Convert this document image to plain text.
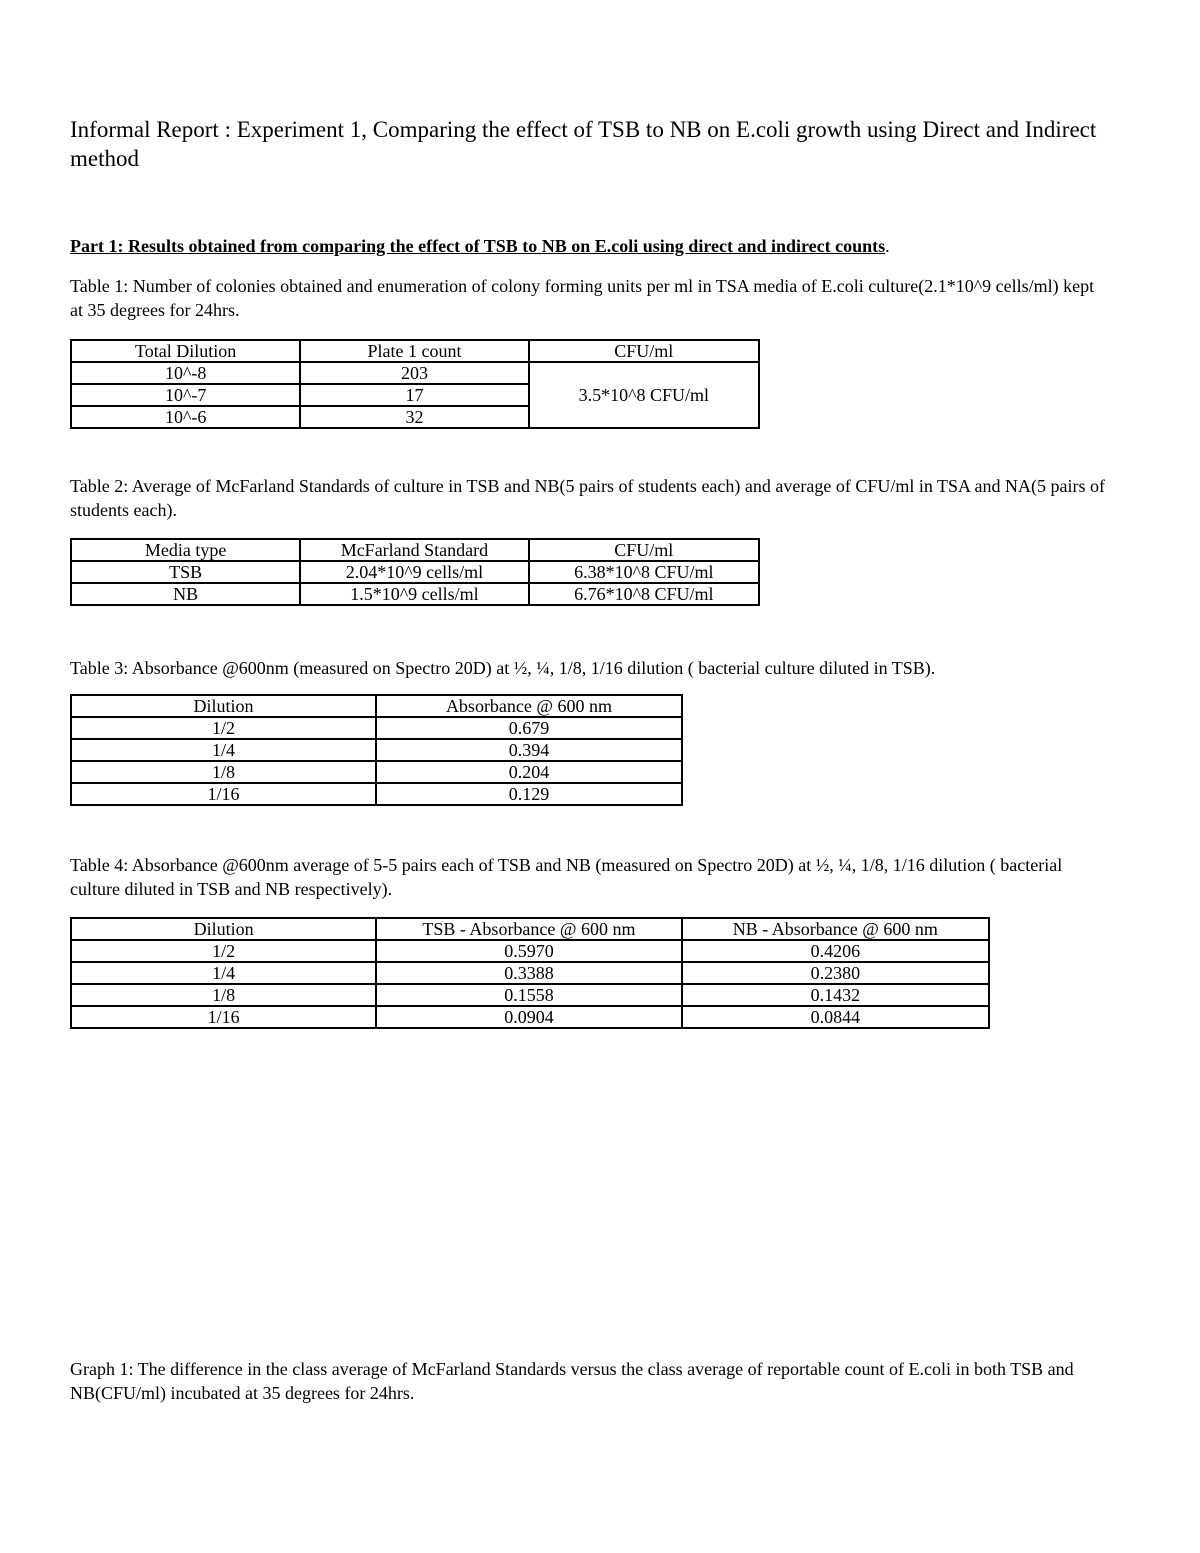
Informal Report : Experiment 1, Comparing the effect of TSB to NB on E.coli growth using Direct and Indirect method
Part 1: Results obtained from comparing the effect of TSB to NB on E.coli using direct and indirect counts.
Table 1: Number of colonies obtained and enumeration of colony forming units per ml in TSA media of E.coli culture(2.1*10^9 cells/ml) kept at 35 degrees for 24hrs.
Total Dilution	Plate 1 count	CFU/ml
10^-8	203	3.5*10^8 CFU/ml
10^-7	17	
10^-6	32	
Table 2: Average of McFarland Standards of culture in TSB and NB(5 pairs of students each) and average of CFU/ml in TSA and NA(5 pairs of students each).
Media type	McFarland Standard	CFU/ml
TSB	2.04*10^9 cells/ml	6.38*10^8 CFU/ml
NB	1.5*10^9 cells/ml	6.76*10^8 CFU/ml
Table 3: Absorbance @600nm (measured on Spectro 20D) at ½, ¼, 1/8, 1/16 dilution ( bacterial culture diluted in TSB).
Dilution	Absorbance @ 600 nm
1/2	0.679
1/4	0.394
1/8	0.204
1/16	0.129
Table 4: Absorbance @600nm average of 5-5 pairs each of TSB and NB (measured on Spectro 20D) at ½, ¼, 1/8, 1/16 dilution ( bacterial culture diluted in TSB and NB respectively).
Dilution	TSB - Absorbance @ 600 nm	NB - Absorbance @ 600 nm
1/2	0.5970	0.4206
1/4	0.3388	0.2380
1/8	0.1558	0.1432
1/16	0.0904	0.0844
Graph 1: The difference in the class average of McFarland Standards versus the class average of reportable count of E.coli in both TSB and NB(CFU/ml) incubated at 35 degrees for 24hrs.
